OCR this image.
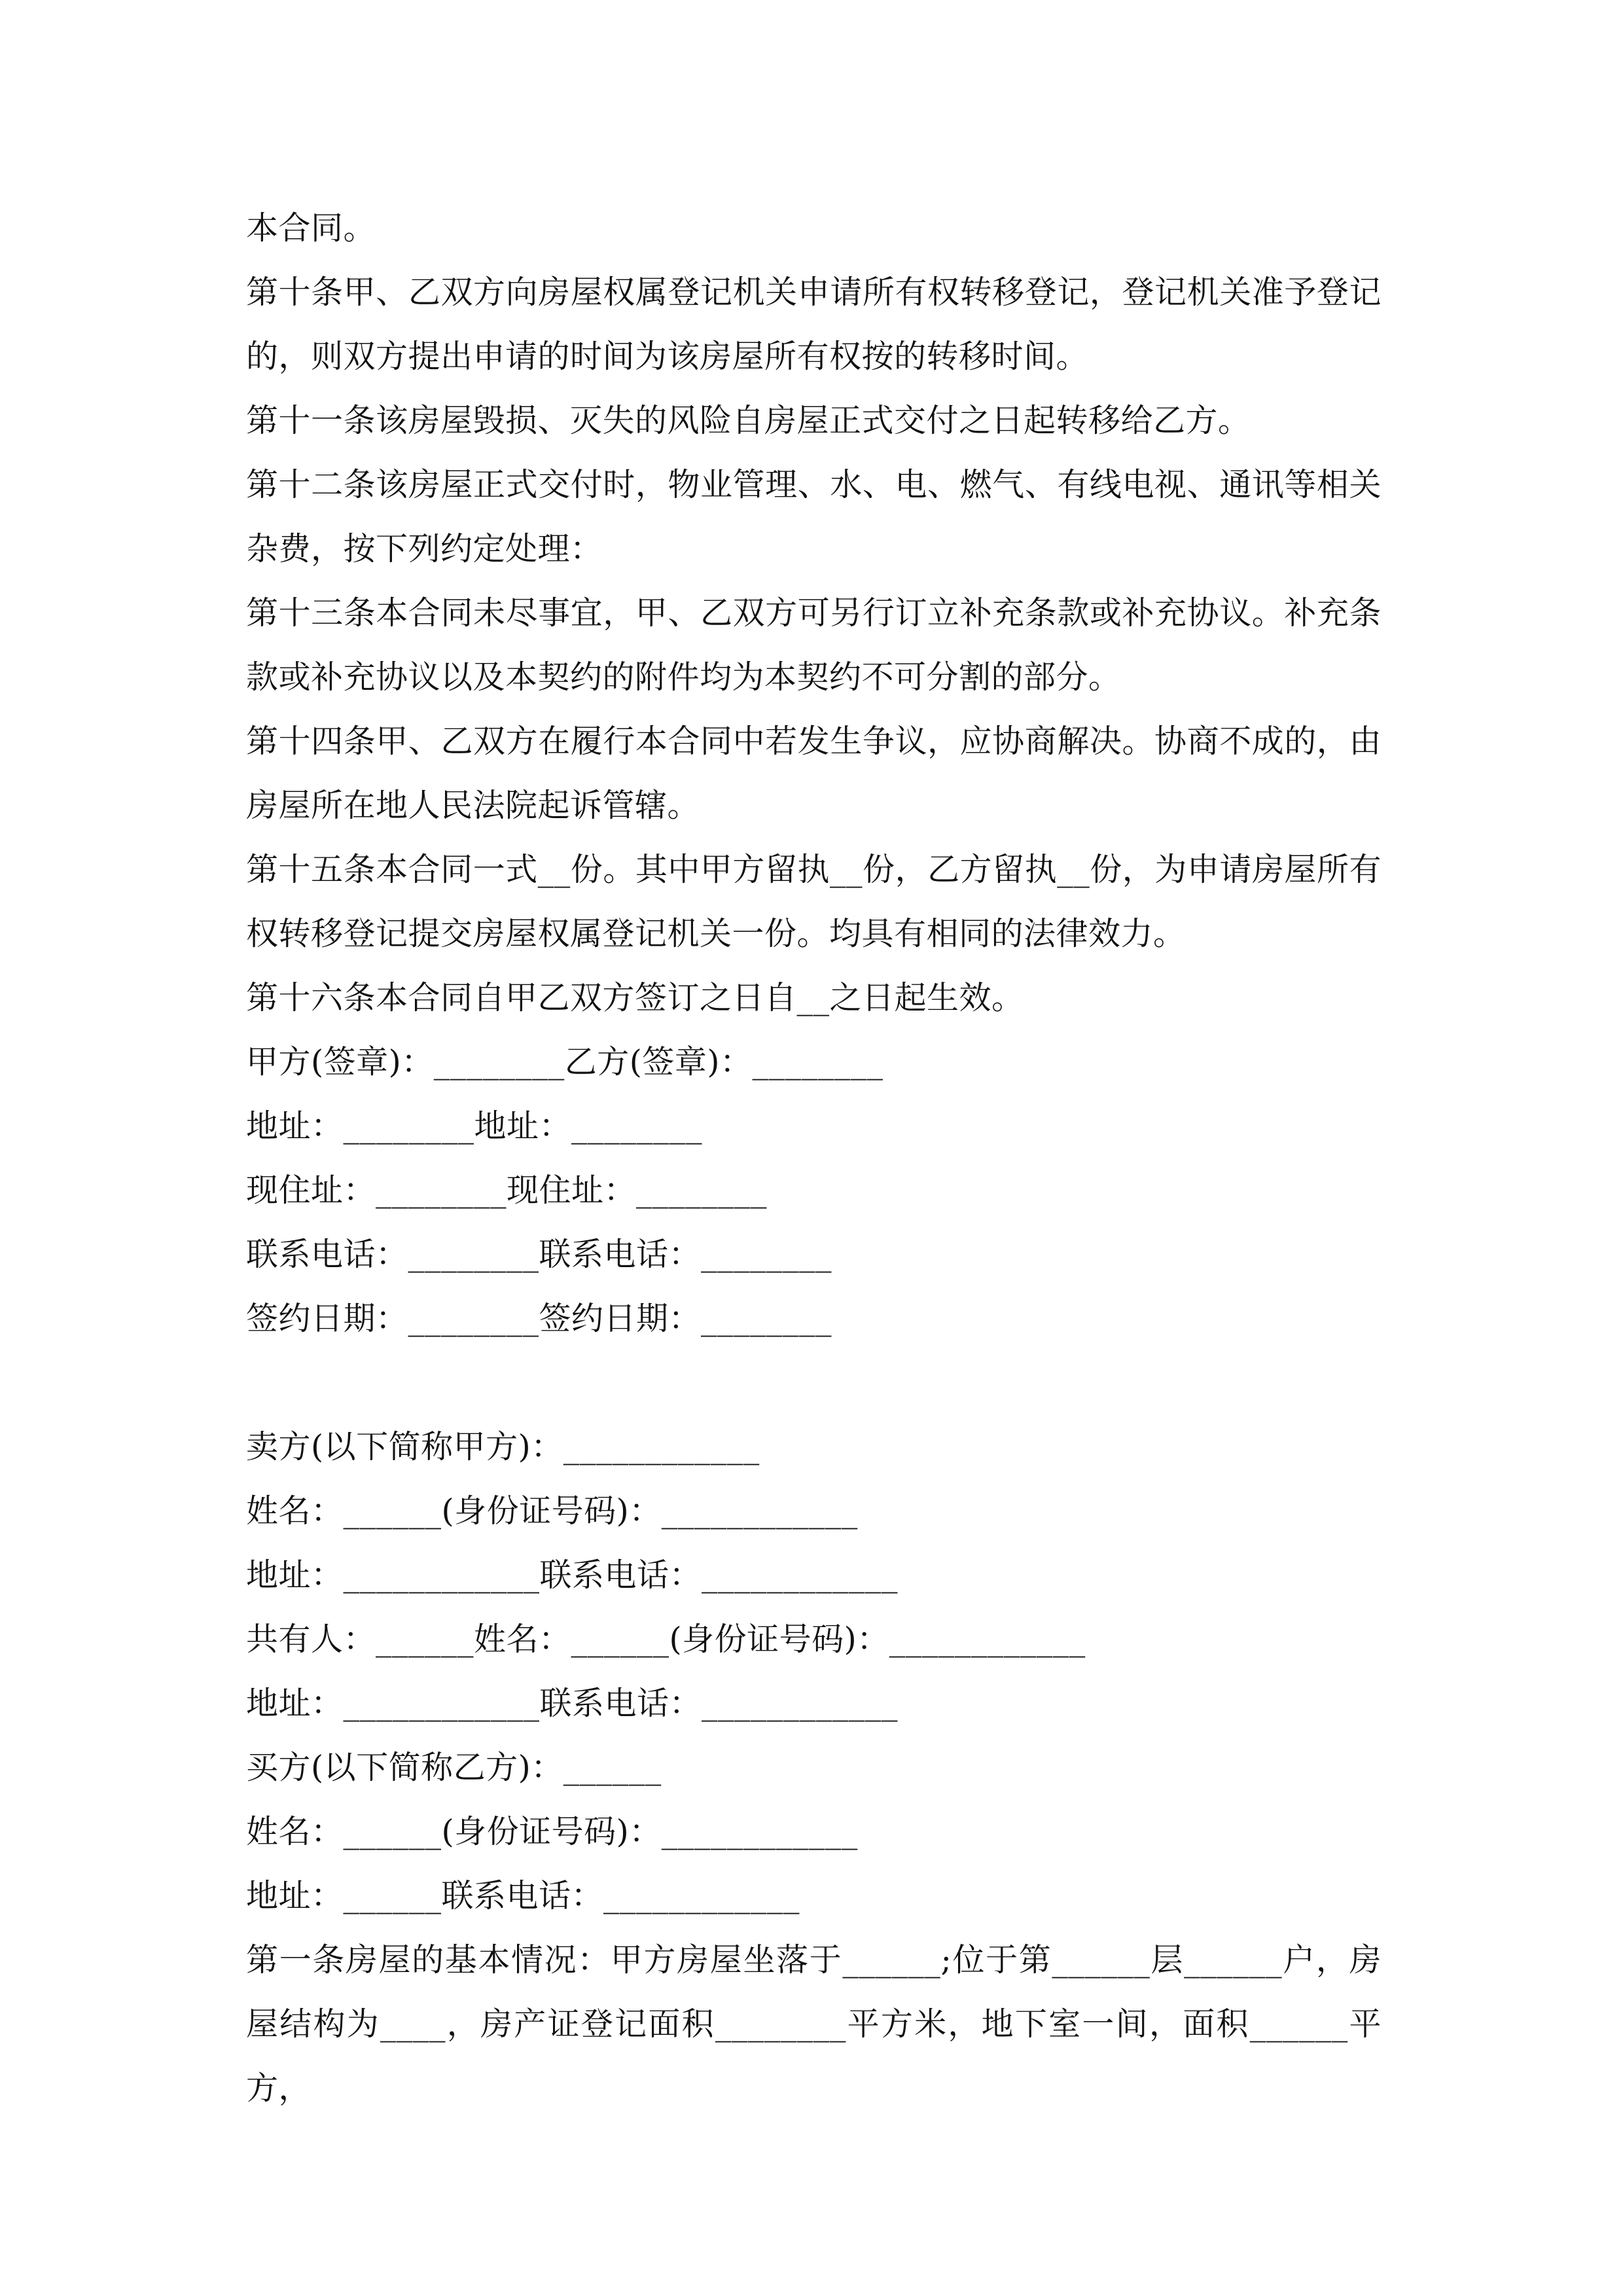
本合同。

第十条甲、乙双方向房屋权属登记机关申请所有权转移登记，登记机关准予登记的，则双方提出申请的时间为该房屋所有权按的转移时间。

第十一条该房屋毁损、灭失的风险自房屋正式交付之日起转移给乙方。

第十二条该房屋正式交付时，物业管理、水、电、燃气、有线电视、通讯等相关杂费，按下列约定处理：

第十三条本合同未尽事宜，甲、乙双方可另行订立补充条款或补充协议。补充条款或补充协议以及本契约的附件均为本契约不可分割的部分。

第十四条甲、乙双方在履行本合同中若发生争议，应协商解决。协商不成的，由房屋所在地人民法院起诉管辖。

第十五条本合同一式__份。其中甲方留执__份，乙方留执__份，为申请房屋所有权转移登记提交房屋权属登记机关一份。均具有相同的法律效力。

第十六条本合同自甲乙双方签订之日自__之日起生效。

甲方(签章)：________乙方(签章)：________

地址：________地址：________

现住址：________现住址：________

联系电话：________联系电话：________

签约日期：________签约日期：________

卖方(以下简称甲方)：____________

姓名：______(身份证号码)：____________

地址：____________联系电话：____________

共有人：______姓名：______(身份证号码)：____________

地址：____________联系电话：____________

买方(以下简称乙方)：______

姓名：______(身份证号码)：____________

地址：______联系电话：____________

第一条房屋的基本情况：甲方房屋坐落于______;位于第______层______户，房屋结构为____，房产证登记面积________平方米，地下室一间，面积______平方，
